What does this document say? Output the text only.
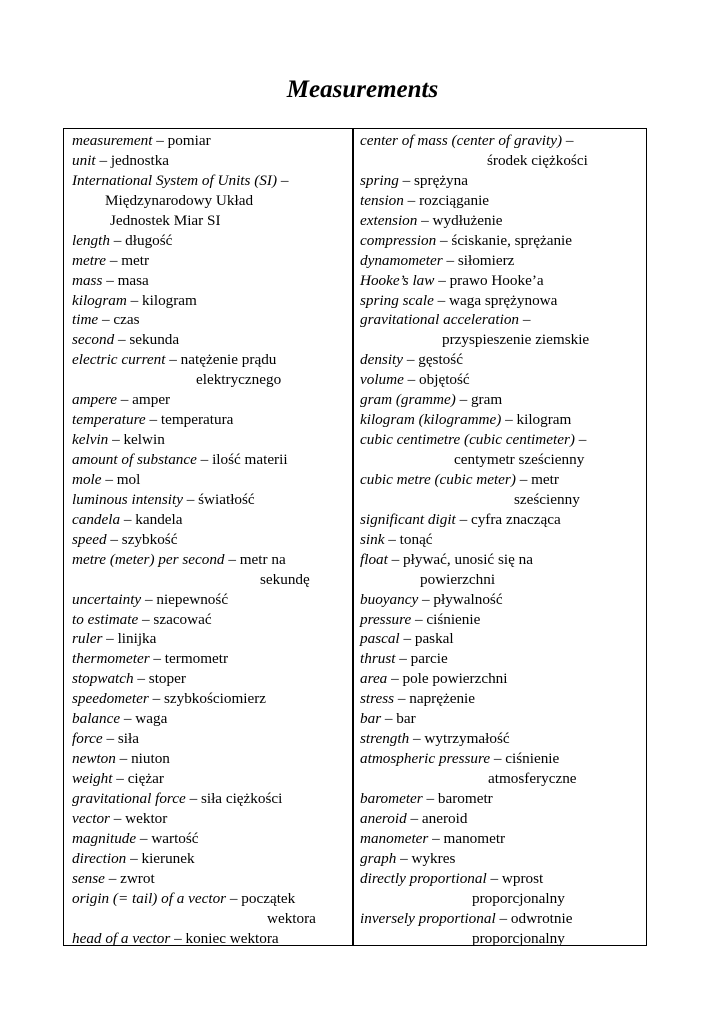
Measurements
measurement – pomiar
unit – jednostka
International System of Units (SI) –
Międzynarodowy Układ
Jednostek Miar SI
length – długość
metre – metr
mass – masa
kilogram – kilogram
time – czas
second – sekunda
electric current – natężenie prądu
elektrycznego
ampere – amper
temperature – temperatura
kelvin – kelwin
amount of substance – ilość materii
mole – mol
luminous intensity – światłość
candela – kandela
speed – szybkość
metre (meter) per second – metr na
sekundę
uncertainty – niepewność
to estimate – szacować
ruler – linijka
thermometer – termometr
stopwatch – stoper
speedometer – szybkościomierz
balance – waga
force – siła
newton – niuton
weight – ciężar
gravitational force – siła ciężkości
vector – wektor
magnitude – wartość
direction – kierunek
sense – zwrot
origin (= tail) of a vector – początek
wektora
head of a vector – koniec wektora
center of mass (center of gravity) –
środek ciężkości
spring – sprężyna
tension – rozciąganie
extension – wydłużenie
compression – ściskanie, sprężanie
dynamometer – siłomierz
Hooke’s law – prawo Hooke’a
spring scale – waga sprężynowa
gravitational acceleration –
przyspieszenie ziemskie
density – gęstość
volume – objętość
gram (gramme) – gram
kilogram (kilogramme) – kilogram
cubic centimetre (cubic centimeter) –
centymetr sześcienny
cubic metre (cubic meter) – metr
sześcienny
significant digit – cyfra znacząca
sink – tonąć
float – pływać, unosić się na
powierzchni
buoyancy – pływalność
pressure – ciśnienie
pascal – paskal
thrust – parcie
area – pole powierzchni
stress – naprężenie
bar – bar
strength – wytrzymałość
atmospheric pressure – ciśnienie
atmosferyczne
barometer – barometr
aneroid – aneroid
manometer – manometr
graph – wykres
directly proportional – wprost
proporcjonalny
inversely proportional – odwrotnie
proporcjonalny
